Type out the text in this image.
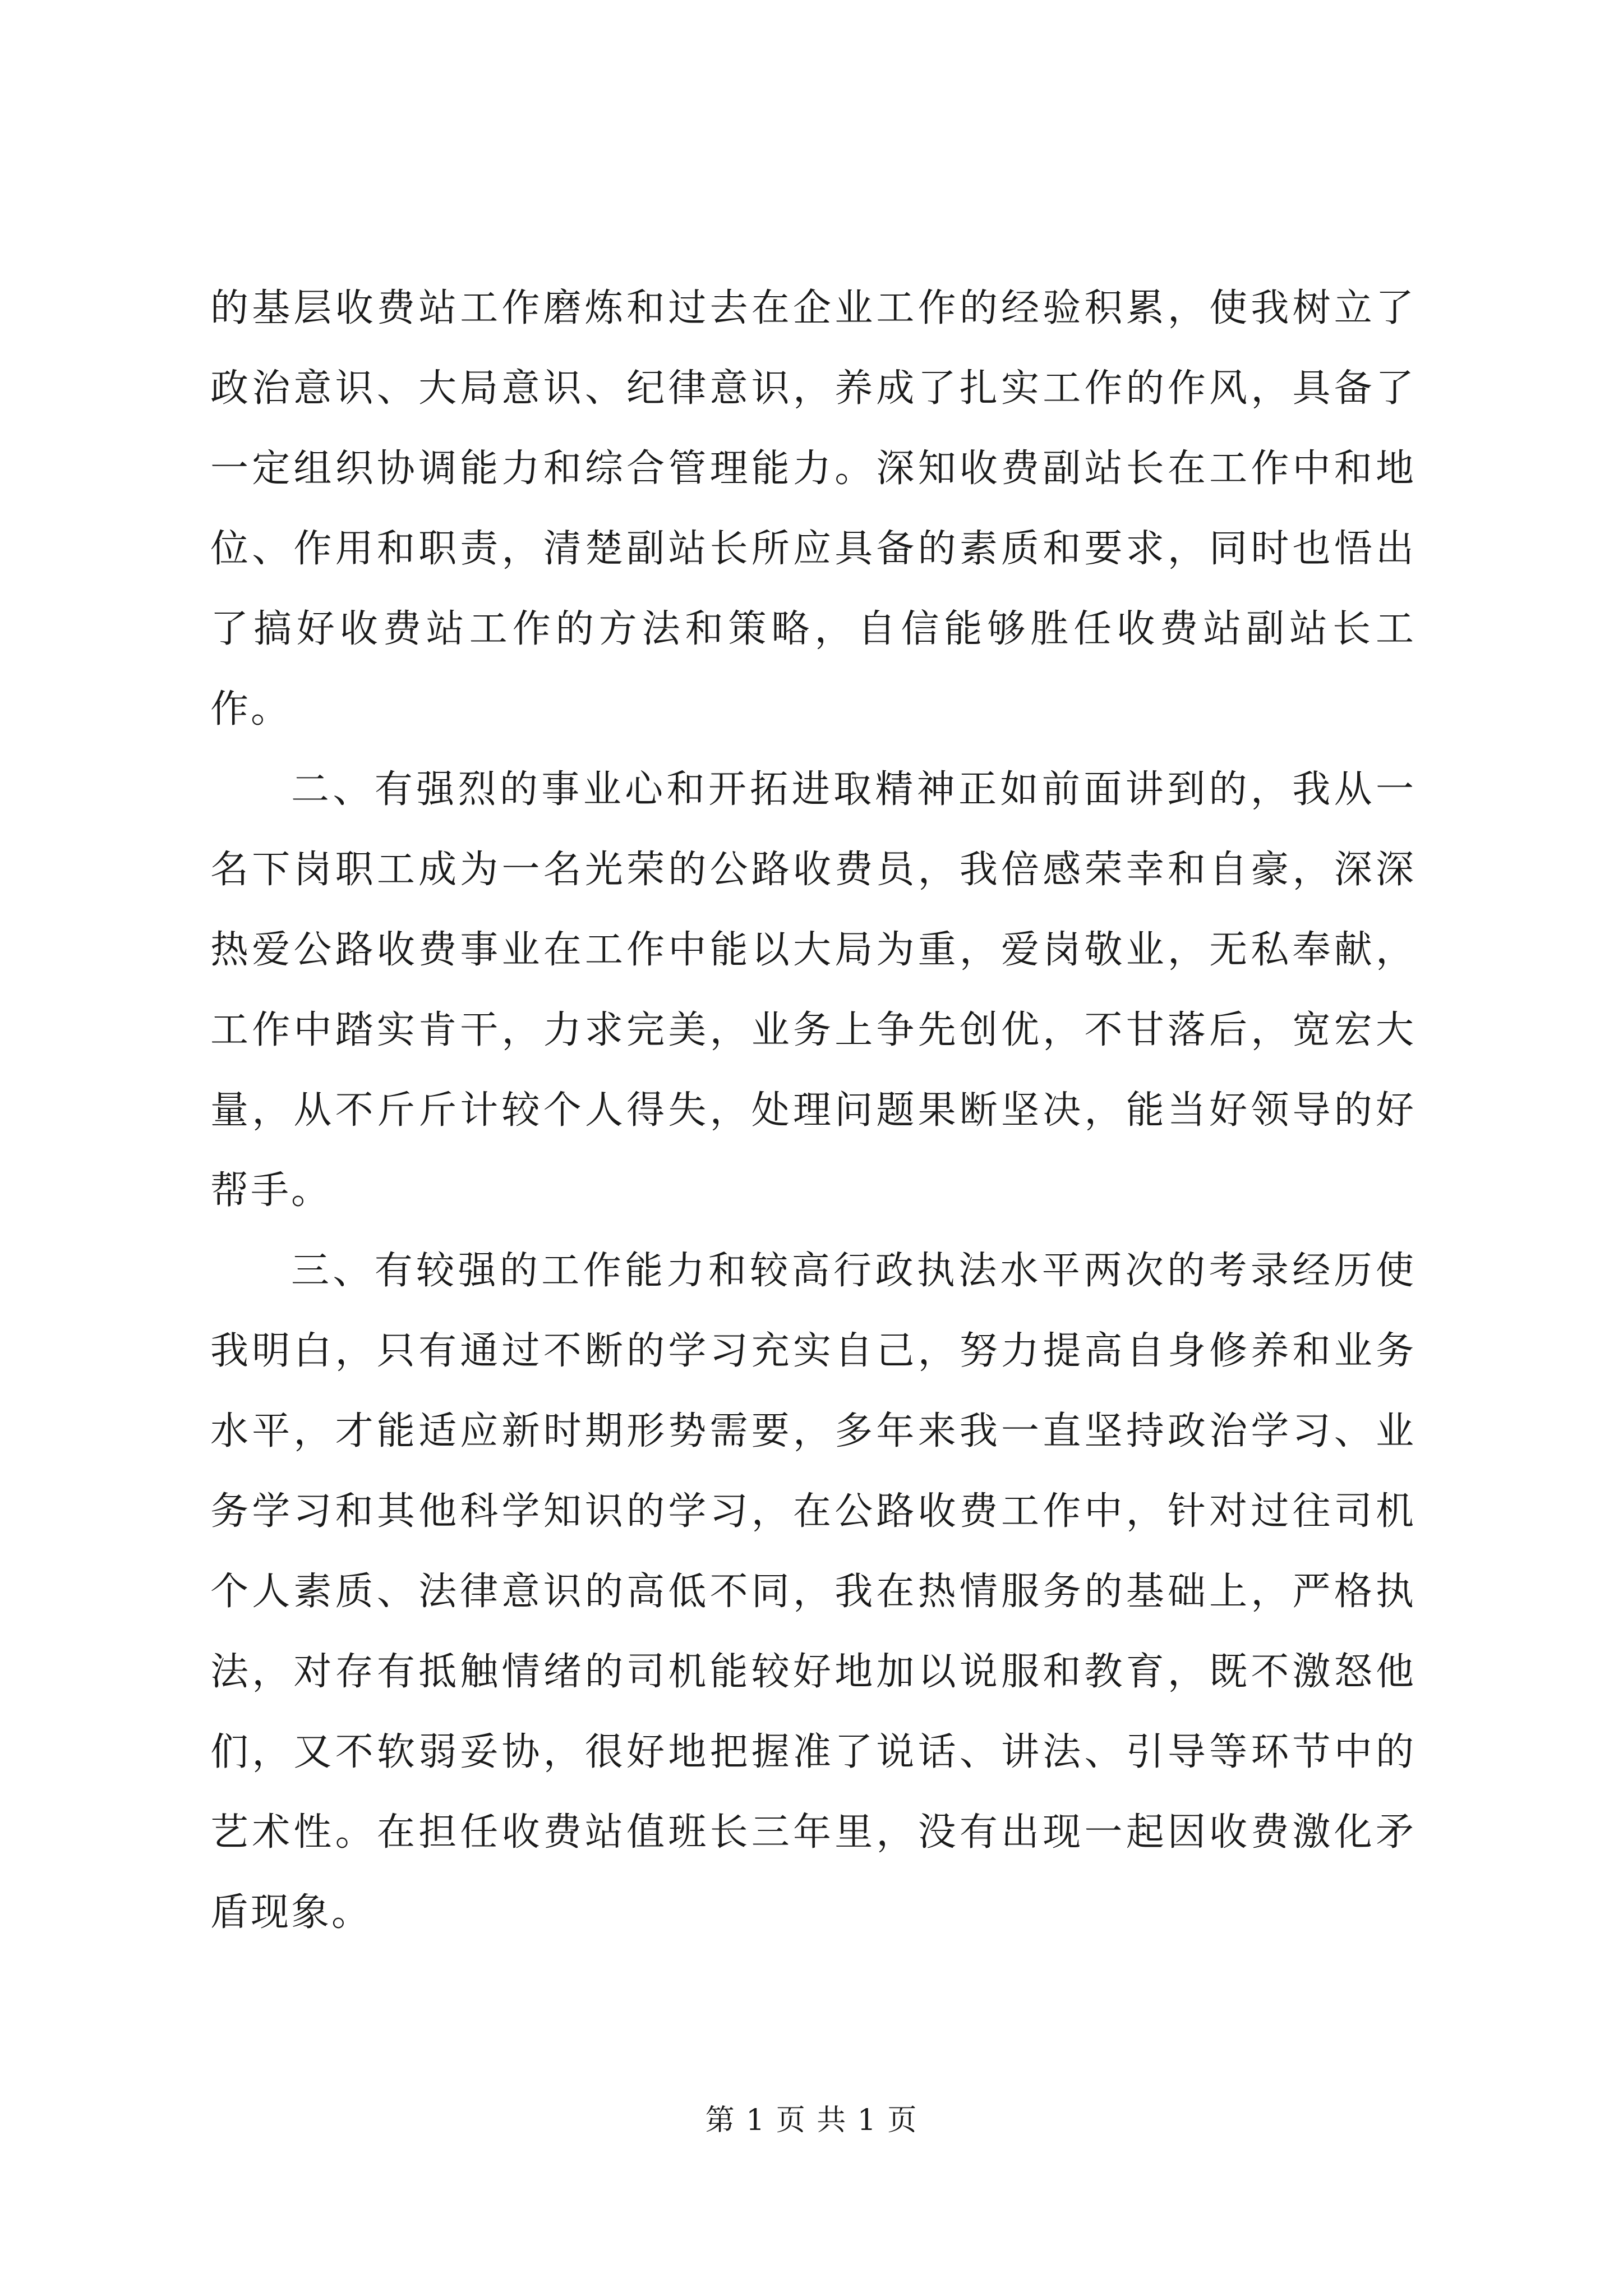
的基层收费站工作磨炼和过去在企业工作的经验积累，使我树立了政治意识、大局意识、纪律意识，养成了扎实工作的作风，具备了一定组织协调能力和综合管理能力。深知收费副站长在工作中和地位、作用和职责，清楚副站长所应具备的素质和要求，同时也悟出了搞好收费站工作的方法和策略，自信能够胜任收费站副站长工作。

二、有强烈的事业心和开拓进取精神正如前面讲到的，我从一名下岗职工成为一名光荣的公路收费员，我倍感荣幸和自豪，深深热爱公路收费事业在工作中能以大局为重，爱岗敬业，无私奉献，工作中踏实肯干，力求完美，业务上争先创优，不甘落后，宽宏大量，从不斤斤计较个人得失，处理问题果断坚决，能当好领导的好帮手。

三、有较强的工作能力和较高行政执法水平两次的考录经历使我明白，只有通过不断的学习充实自己，努力提高自身修养和业务水平，才能适应新时期形势需要，多年来我一直坚持政治学习、业务学习和其他科学知识的学习，在公路收费工作中，针对过往司机个人素质、法律意识的高低不同，我在热情服务的基础上，严格执法，对存有抵触情绪的司机能较好地加以说服和教育，既不激怒他们，又不软弱妥协，很好地把握准了说话、讲法、引导等环节中的艺术性。在担任收费站值班长三年里，没有出现一起因收费激化矛盾现象。

第 1 页 共 1 页
